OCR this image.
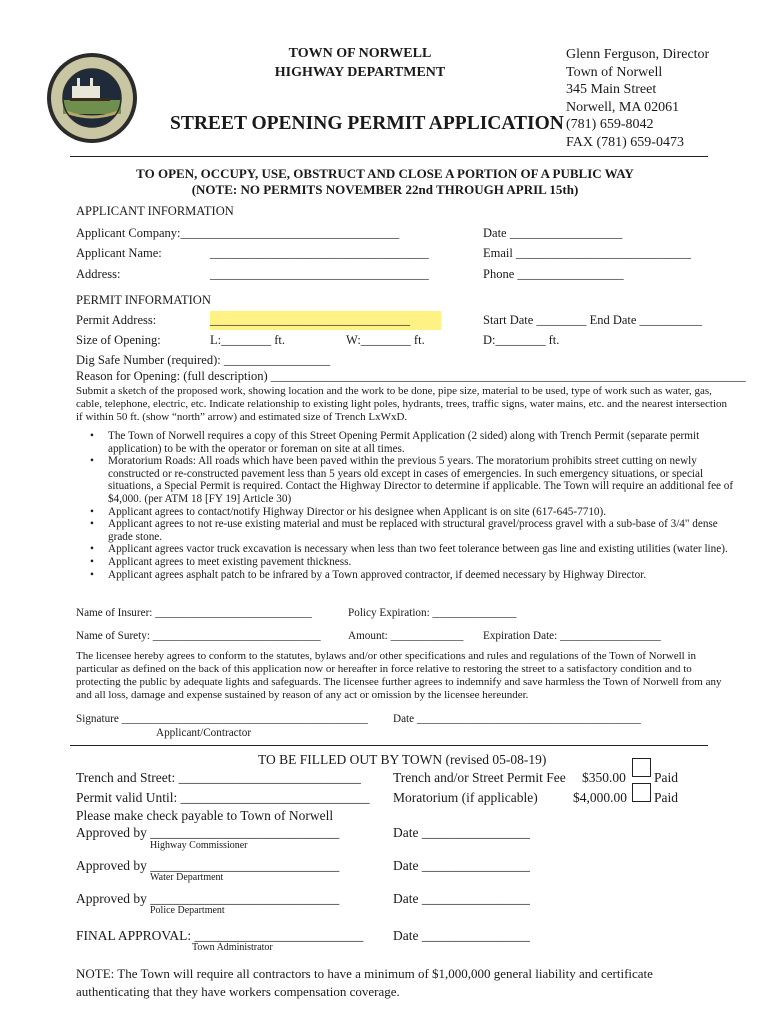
TOWN OF NORWELL
HIGHWAY DEPARTMENT
STREET OPENING PERMIT APPLICATION
Glenn Ferguson, Director
Town of Norwell
345 Main Street
Norwell, MA 02061
(781) 659-8042
FAX (781) 659-0473
TO OPEN, OCCUPY, USE, OBSTRUCT AND CLOSE A PORTION OF A PUBLIC WAY
(NOTE: NO PERMITS NOVEMBER 22nd THROUGH APRIL 15th)
APPLICANT INFORMATION
Applicant Company:___________________________________	Date __________________
Applicant Name:	___________________________________	Email ____________________________
Address:	___________________________________	Phone _________________
PERMIT INFORMATION
Permit Address:	________________________________	Start Date ________ End Date __________
Size of Opening:	L:________ ft.	W:________ ft.	D:________ ft.
Dig Safe Number (required): _________________
Reason for Opening: (full description) ____________________________________________________________________________
Submit a sketch of the proposed work, showing location and the work to be done, pipe size, material to be used, type of work such as water, gas, cable, telephone, electric, etc. Indicate relationship to existing light poles, hydrants, trees, traffic signs, water mains, etc. and the nearest intersection if within 50 ft. (show “north” arrow) and estimated size of Trench LxWxD.
• The Town of Norwell requires a copy of this Street Opening Permit Application (2 sided) along with Trench Permit (separate permit application) to be with the operator or foreman on site at all times.
• Moratorium Roads: All roads which have been paved within the previous 5 years. The moratorium prohibits street cutting on newly constructed or re-constructed pavement less than 5 years old except in cases of emergencies. In such emergency situations, or special situations, a Special Permit is required. Contact the Highway Director to determine if applicable. The Town will require an additional fee of $4,000. (per ATM 18 [FY 19] Article 30)
• Applicant agrees to contact/notify Highway Director or his designee when Applicant is on site (617-645-7710).
• Applicant agrees to not re-use existing material and must be replaced with structural gravel/process gravel with a sub-base of 3/4" dense grade stone.
• Applicant agrees vactor truck excavation is necessary when less than two feet tolerance between gas line and existing utilities (water line).
• Applicant agrees to meet existing pavement thickness.
• Applicant agrees asphalt patch to be infrared by a Town approved contractor, if deemed necessary by Highway Director.
Name of Insurer: ____________________________	Policy Expiration: _______________
Name of Surety: ______________________________ Amount: _____________ Expiration Date: __________________
The licensee hereby agrees to conform to the statutes, bylaws and/or other specifications and rules and regulations of the Town of Norwell in particular as defined on the back of this application now or hereafter in force relative to restoring the street to a satisfactory condition and to protecting the public by adequate lights and safeguards. The licensee further agrees to indemnify and save harmless the Town of Norwell from any and all loss, damage and expense sustained by reason of any act or omission by the licensee hereunder.
Signature ____________________________________________ Date ________________________________________
Applicant/Contractor
TO BE FILLED OUT BY TOWN (revised 05-08-19)
Trench and Street: ___________________________
Permit valid Until: ____________________________
Please make check payable to Town of Norwell
Trench and/or Street Permit Fee $350.00 Paid
Moratorium (if applicable)	$4,000.00 Paid
Approved by ____________________________
Highway Commissioner
Date ________________
Approved by ____________________________
Water Department
Date ________________
Approved by ____________________________
Police Department
Date ________________
FINAL APPROVAL: _________________________
Town Administrator
Date ________________
NOTE: The Town will require all contractors to have a minimum of $1,000,000 general liability and certificate authenticating that they have workers compensation coverage.
